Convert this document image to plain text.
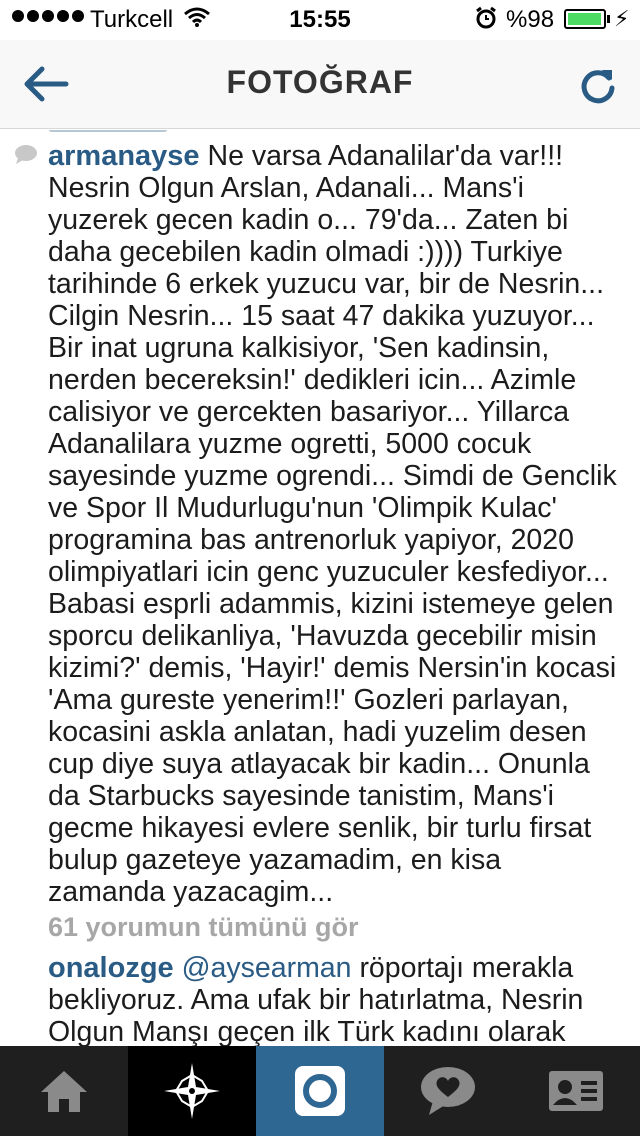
Turkcell	15:55	%98	⚡
FOTOĞRAF
armanayse Ne varsa Adanalilar'da var!!! Nesrin Olgun Arslan, Adanali... Mans'i yuzerek gecen kadin o... 79'da... Zaten bi daha gecebilen kadin olmadi :)))) Turkiye tarihinde 6 erkek yuzucu var, bir de Nesrin... Cilgin Nesrin... 15 saat 47 dakika yuzuyor... Bir inat ugruna kalkisiyor, 'Sen kadinsin, nerden becereksin!' dedikleri icin... Azimle calisiyor ve gercekten basariyor... Yillarca Adanalilara yuzme ogretti, 5000 cocuk sayesinde yuzme ogrendi... Simdi de Genclik ve Spor Il Mudurlugu'nun 'Olimpik Kulac' programina bas antrenorluk yapiyor, 2020 olimpiyatlari icin genc yuzuculer kesfediyor... Babasi esprli adammis, kizini istemeye gelen sporcu delikanliya, 'Havuzda gecebilir misin kizimi?' demis, 'Hayir!' demis Nersin'in kocasi 'Ama gureste yenerim!!' Gozleri parlayan, kocasini askla anlatan, hadi yuzelim desen cup diye suya atlayacak bir kadin... Onunla da Starbucks sayesinde tanistim, Mans'i gecme hikayesi evlere senlik, bir turlu firsat bulup gazeteye yazamadim, en kisa zamanda yazacagim...
61 yorumun tümünü gör
onalozge @aysearman röportajı merakla bekliyoruz. Ama ufak bir hatırlatma, Nesrin Olgun Manşı geçen ilk Türk kadını olarak
